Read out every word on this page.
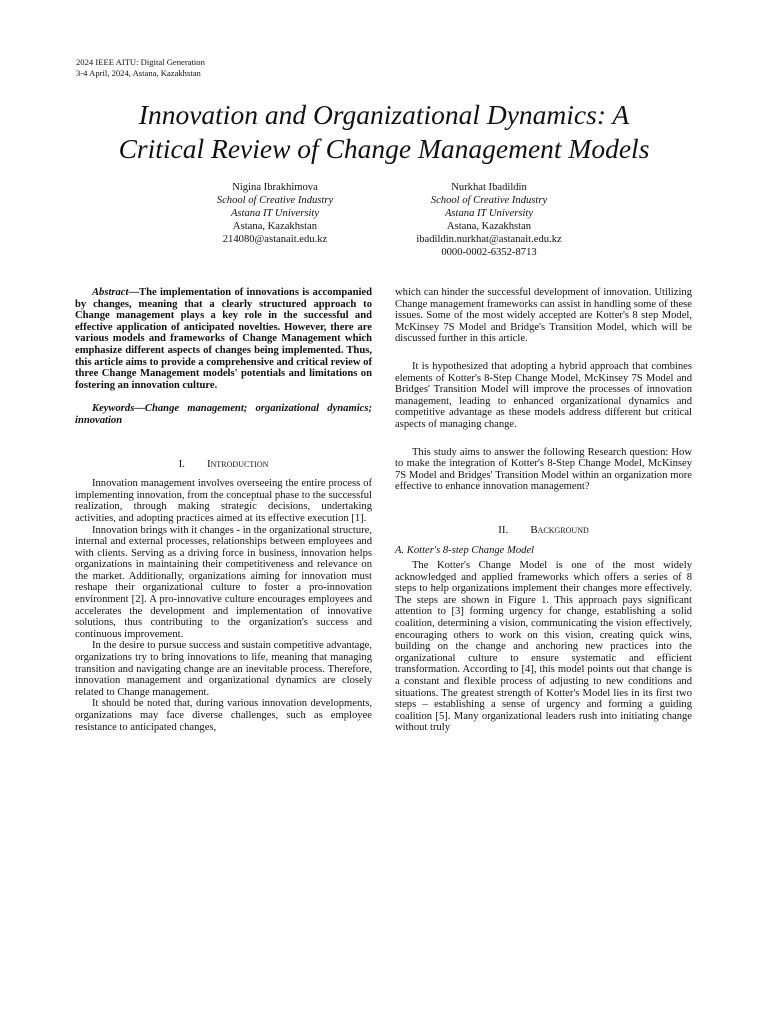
2024 IEEE AITU: Digital Generation
3-4 April, 2024, Astana, Kazakhstan
Innovation and Organizational Dynamics: A
Critical Review of Change Management Models
Nigina Ibrakhimova
School of Creative Industry
Astana IT University
Astana, Kazakhstan
214080@astanait.edu.kz
Nurkhat Ibadildin
School of Creative Industry
Astana IT University
Astana, Kazakhstan
ibadildin.nurkhat@astanait.edu.kz
0000-0002-6352-8713

Abstract—The implementation of innovations is accompanied by changes, meaning that a clearly structured approach to Change management plays a key role in the successful and effective application of anticipated novelties. However, there are various models and frameworks of Change Management which emphasize different aspects of changes being implemented. Thus, this article aims to provide a comprehensive and critical review of three Change Management models' potentials and limitations on fostering an innovation culture.

Keywords—Change management; organizational dynamics; innovation

I. Introduction

Innovation management involves overseeing the entire process of implementing innovation, from the conceptual phase to the successful realization, through making strategic decisions, undertaking activities, and adopting practices aimed at its effective execution [1].

Innovation brings with it changes - in the organizational structure, internal and external processes, relationships between employees and with clients. Serving as a driving force in business, innovation helps organizations in maintaining their competitiveness and relevance on the market. Additionally, organizations aiming for innovation must reshape their organizational culture to foster a pro-innovation environment [2]. A pro-innovative culture encourages employees and accelerates the development and implementation of innovative solutions, thus contributing to the organization's success and continuous improvement.

In the desire to pursue success and sustain competitive advantage, organizations try to bring innovations to life, meaning that managing transition and navigating change are an inevitable process. Therefore, innovation management and organizational dynamics are closely related to Change management.

It should be noted that, during various innovation developments, organizations may face diverse challenges, such as employee resistance to anticipated changes,

which can hinder the successful development of innovation. Utilizing Change management frameworks can assist in handling some of these issues. Some of the most widely accepted are Kotter's 8 step Model, McKinsey 7S Model and Bridge's Transition Model, which will be discussed further in this article.

It is hypothesized that adopting a hybrid approach that combines elements of Kotter's 8-Step Change Model, McKinsey 7S Model and Bridges' Transition Model will improve the processes of innovation management, leading to enhanced organizational dynamics and competitive advantage as these models address different but critical aspects of managing change.

This study aims to answer the following Research question: How to make the integration of Kotter's 8-Step Change Model, McKinsey 7S Model and Bridges' Transition Model within an organization more effective to enhance innovation management?

II. Background

A. Kotter's 8-step Change Model

The Kotter's Change Model is one of the most widely acknowledged and applied frameworks which offers a series of 8 steps to help organizations implement their changes more effectively. The steps are shown in Figure 1. This approach pays significant attention to [3] forming urgency for change, establishing a solid coalition, determining a vision, communicating the vision effectively, encouraging others to work on this vision, creating quick wins, building on the change and anchoring new practices into the organizational culture to ensure systematic and efficient transformation. According to [4], this model points out that change is a constant and flexible process of adjusting to new conditions and situations. The greatest strength of Kotter's Model lies in its first two steps – establishing a sense of urgency and forming a guiding coalition [5]. Many organizational leaders rush into initiating change without truly
